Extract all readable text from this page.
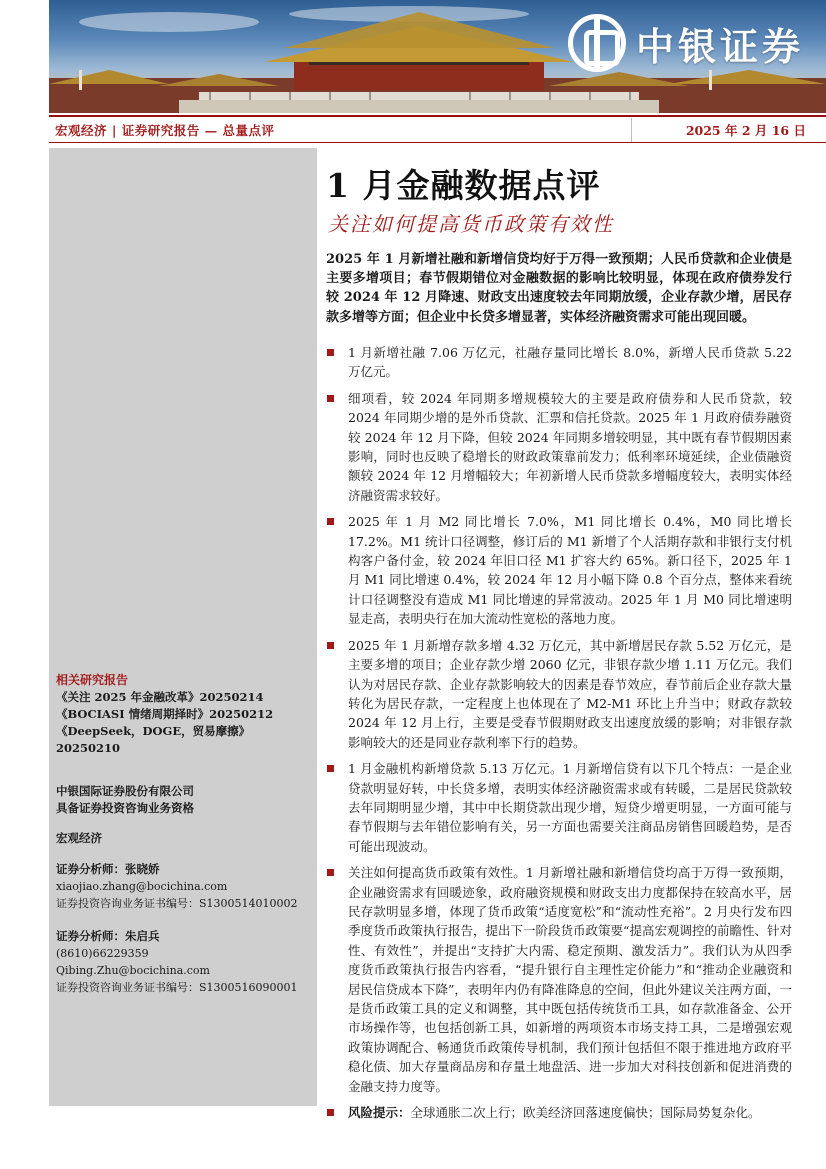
中银证券
宏观经济 | 证券研究报告 — 总量点评	2025 年 2 月 16 日
相关研究报告
《关注 2025 年金融改革》20250214
《BOCIASI 情绪周期择时》20250212
《DeepSeek，DOGE，贸易摩擦》20250210
中银国际证券股份有限公司
具备证券投资咨询业务资格
宏观经济
证券分析师：张晓娇
xiaojiao.zhang@bocichina.com
证券投资咨询业务证书编号：S1300514010002
证券分析师：朱启兵
(8610)66229359
Qibing.Zhu@bocichina.com
证券投资咨询业务证书编号：S1300516090001
1 月金融数据点评
关注如何提高货币政策有效性
2025 年 1 月新增社融和新增信贷均好于万得一致预期；人民币贷款和企业债是主要多增项目；春节假期错位对金融数据的影响比较明显，体现在政府债券发行较 2024 年 12 月降速、财政支出速度较去年同期放缓，企业存款少增，居民存款多增等方面；但企业中长贷多增显著，实体经济融资需求可能出现回暖。
1 月新增社融 7.06 万亿元，社融存量同比增长 8.0%，新增人民币贷款 5.22 万亿元。
细项看，较 2024 年同期多增规模较大的主要是政府债券和人民币贷款，较 2024 年同期少增的是外币贷款、汇票和信托贷款。2025 年 1 月政府债券融资较 2024 年 12 月下降，但较 2024 年同期多增较明显，其中既有春节假期因素影响，同时也反映了稳增长的财政政策靠前发力；低利率环境延续，企业债融资额较 2024 年 12 月增幅较大；年初新增人民币贷款多增幅度较大，表明实体经济融资需求较好。
2025 年 1 月 M2 同比增长 7.0%，M1 同比增长 0.4%，M0 同比增长 17.2%。M1 统计口径调整，修订后的 M1 新增了个人活期存款和非银行支付机构客户备付金，较 2024 年旧口径 M1 扩容大约 65%。新口径下，2025 年 1 月 M1 同比增速 0.4%，较 2024 年 12 月小幅下降 0.8 个百分点，整体来看统计口径调整没有造成 M1 同比增速的异常波动。2025 年 1 月 M0 同比增速明显走高，表明央行在加大流动性宽松的落地力度。
2025 年 1 月新增存款多增 4.32 万亿元，其中新增居民存款 5.52 万亿元，是主要多增的项目；企业存款少增 2060 亿元，非银存款少增 1.11 万亿元。我们认为对居民存款、企业存款影响较大的因素是春节效应，春节前后企业存款大量转化为居民存款，一定程度上也体现在了 M2-M1 环比上升当中；财政存款较 2024 年 12 月上行，主要是受春节假期财政支出速度放缓的影响；对非银存款影响较大的还是同业存款利率下行的趋势。
1 月金融机构新增贷款 5.13 万亿元。1 月新增信贷有以下几个特点：一是企业贷款明显好转，中长贷多增，表明实体经济融资需求或有转暖，二是居民贷款较去年同期明显少增，其中中长期贷款出现少增，短贷少增更明显，一方面可能与春节假期与去年错位影响有关，另一方面也需要关注商品房销售回暖趋势，是否可能出现波动。
关注如何提高货币政策有效性。1 月新增社融和新增信贷均高于万得一致预期，企业融资需求有回暖迹象，政府融资规模和财政支出力度都保持在较高水平，居民存款明显多增，体现了货币政策“适度宽松”和“流动性充裕”。2 月央行发布四季度货币政策执行报告，提出下一阶段货币政策要“提高宏观调控的前瞻性、针对性、有效性”，并提出“支持扩大内需、稳定预期、激发活力”。我们认为从四季度货币政策执行报告内容看，“提升银行自主理性定价能力”和“推动企业融资和居民信贷成本下降”，表明年内仍有降准降息的空间，但此外建议关注两方面，一是货币政策工具的定义和调整，其中既包括传统货币工具，如存款准备金、公开市场操作等，也包括创新工具，如新增的两项资本市场支持工具，二是增强宏观政策协调配合、畅通货币政策传导机制，我们预计包括但不限于推进地方政府平稳化债、加大存量商品房和存量土地盘活、进一步加大对科技创新和促进消费的金融支持力度等。
风险提示：全球通胀二次上行；欧美经济回落速度偏快；国际局势复杂化。
